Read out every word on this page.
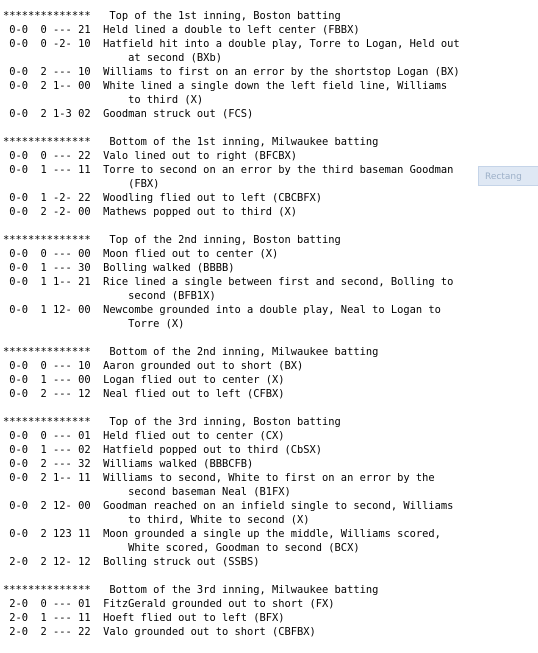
**************   Top of the 1st inning, Boston batting
0-0  0 --- 21  Held lined a double to left center (FBBX)
0-0  0 -2- 10  Hatfield hit into a double play, Torre to Logan, Held out
at second (BXb)
0-0  2 --- 10  Williams to first on an error by the shortstop Logan (BX)
0-0  2 1-- 00  White lined a single down the left field line, Williams
to third (X)
0-0  2 1-3 02  Goodman struck out (FCS)
**************   Bottom of the 1st inning, Milwaukee batting
0-0  0 --- 22  Valo lined out to right (BFCBX)
0-0  1 --- 11  Torre to second on an error by the third baseman Goodman
(FBX)
0-0  1 -2- 22  Woodling flied out to left (CBCBFX)
0-0  2 -2- 00  Mathews popped out to third (X)
**************   Top of the 2nd inning, Boston batting
0-0  0 --- 00  Moon flied out to center (X)
0-0  1 --- 30  Bolling walked (BBBB)
0-0  1 1-- 21  Rice lined a single between first and second, Bolling to
second (BFB1X)
0-0  1 12- 00  Newcombe grounded into a double play, Neal to Logan to
Torre (X)
**************   Bottom of the 2nd inning, Milwaukee batting
0-0  0 --- 10  Aaron grounded out to short (BX)
0-0  1 --- 00  Logan flied out to center (X)
0-0  2 --- 12  Neal flied out to left (CFBX)
**************   Top of the 3rd inning, Boston batting
0-0  0 --- 01  Held flied out to center (CX)
0-0  1 --- 02  Hatfield popped out to third (CbSX)
0-0  2 --- 32  Williams walked (BBBCFB)
0-0  2 1-- 11  Williams to second, White to first on an error by the
second baseman Neal (B1FX)
0-0  2 12- 00  Goodman reached on an infield single to second, Williams
to third, White to second (X)
0-0  2 123 11  Moon grounded a single up the middle, Williams scored,
White scored, Goodman to second (BCX)
2-0  2 12- 12  Bolling struck out (SSBS)
**************   Bottom of the 3rd inning, Milwaukee batting
2-0  0 --- 01  FitzGerald grounded out to short (FX)
2-0  1 --- 11  Hoeft flied out to left (BFX)
2-0  2 --- 22  Valo grounded out to short (CBFBX)
Rectang
